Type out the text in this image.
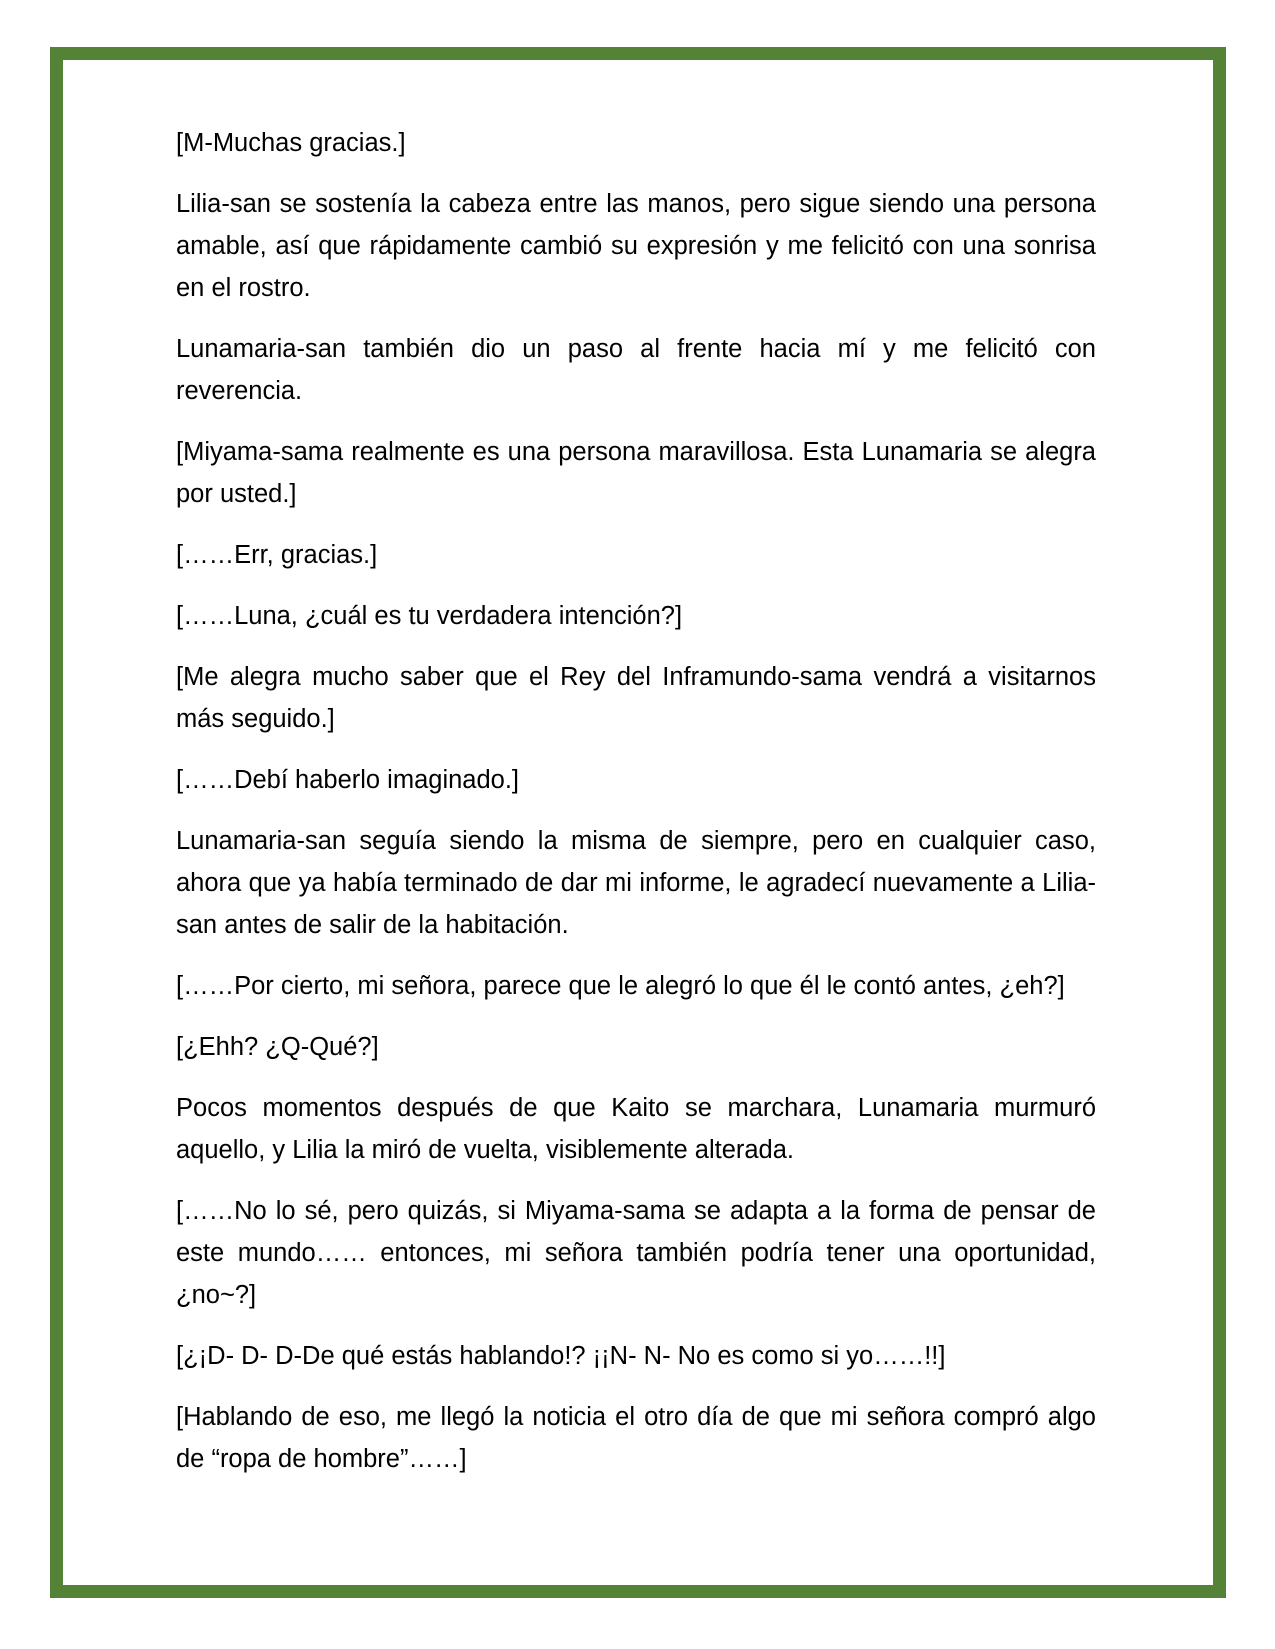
[M-Muchas gracias.]

Lilia-san se sostenía la cabeza entre las manos, pero sigue siendo una persona amable, así que rápidamente cambió su expresión y me felicitó con una sonrisa en el rostro.

Lunamaria-san también dio un paso al frente hacia mí y me felicitó con reverencia.

[Miyama-sama realmente es una persona maravillosa. Esta Lunamaria se alegra por usted.]

[……Err, gracias.]

[……Luna, ¿cuál es tu verdadera intención?]

[Me alegra mucho saber que el Rey del Inframundo-sama vendrá a visitarnos más seguido.]

[……Debí haberlo imaginado.]

Lunamaria-san seguía siendo la misma de siempre, pero en cualquier caso, ahora que ya había terminado de dar mi informe, le agradecí nuevamente a Lilia-san antes de salir de la habitación.

[……Por cierto, mi señora, parece que le alegró lo que él le contó antes, ¿eh?]

[¿Ehh? ¿Q-Qué?]

Pocos momentos después de que Kaito se marchara, Lunamaria murmuró aquello, y Lilia la miró de vuelta, visiblemente alterada.

[……No lo sé, pero quizás, si Miyama-sama se adapta a la forma de pensar de este mundo…… entonces, mi señora también podría tener una oportunidad, ¿no~?]

[¿¡D- D- D-De qué estás hablando!? ¡¡N- N- No es como si yo……!!]

[Hablando de eso, me llegó la noticia el otro día de que mi señora compró algo de “ropa de hombre”……]
